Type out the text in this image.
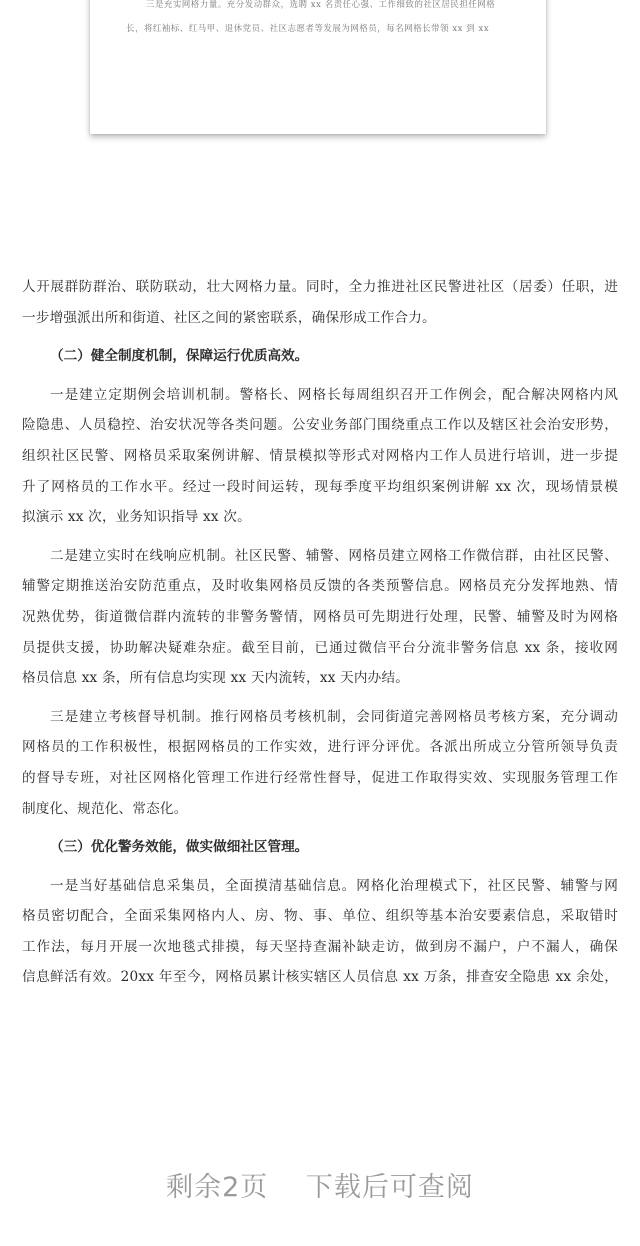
三是充实网格力量。充分发动群众，选聘 xx 名责任心强、工作细致的社区居民担任网格
长，将红袖标、红马甲、退休党员、社区志愿者等发展为网格员，每名网格长带领 xx 到 xx
人开展群防群治、联防联动，壮大网格力量。同时，全力推进社区民警进社区（居委）任职，进
一步增强派出所和街道、社区之间的紧密联系，确保形成工作合力。
（二）健全制度机制，保障运行优质高效。
一是建立定期例会培训机制。警格长、网格长每周组织召开工作例会，配合解决网格内风
险隐患、人员稳控、治安状况等各类问题。公安业务部门围绕重点工作以及辖区社会治安形势，
组织社区民警、网格员采取案例讲解、情景模拟等形式对网格内工作人员进行培训，进一步提
升了网格员的工作水平。经过一段时间运转，现每季度平均组织案例讲解 xx 次，现场情景模
拟演示 xx 次，业务知识指导 xx 次。
二是建立实时在线响应机制。社区民警、辅警、网格员建立网格工作微信群，由社区民警、
辅警定期推送治安防范重点，及时收集网格员反馈的各类预警信息。网格员充分发挥地熟、情
况熟优势，街道微信群内流转的非警务警情，网格员可先期进行处理，民警、辅警及时为网格
员提供支援，协助解决疑难杂症。截至目前，已通过微信平台分流非警务信息 xx 条，接收网
格员信息 xx 条，所有信息均实现 xx 天内流转，xx 天内办结。
三是建立考核督导机制。推行网格员考核机制，会同街道完善网格员考核方案，充分调动
网格员的工作积极性，根据网格员的工作实效，进行评分评优。各派出所成立分管所领导负责
的督导专班，对社区网格化管理工作进行经常性督导，促进工作取得实效、实现服务管理工作
制度化、规范化、常态化。
（三）优化警务效能，做实做细社区管理。
一是当好基础信息采集员，全面摸清基础信息。网格化治理模式下，社区民警、辅警与网
格员密切配合，全面采集网格内人、房、物、事、单位、组织等基本治安要素信息，采取错时
工作法，每月开展一次地毯式排摸，每天坚持查漏补缺走访，做到房不漏户，户不漏人，确保
信息鲜活有效。20xx 年至今，网格员累计核实辖区人员信息 xx 万条，排查安全隐患 xx 余处，
剩余2页 下载后可查阅
